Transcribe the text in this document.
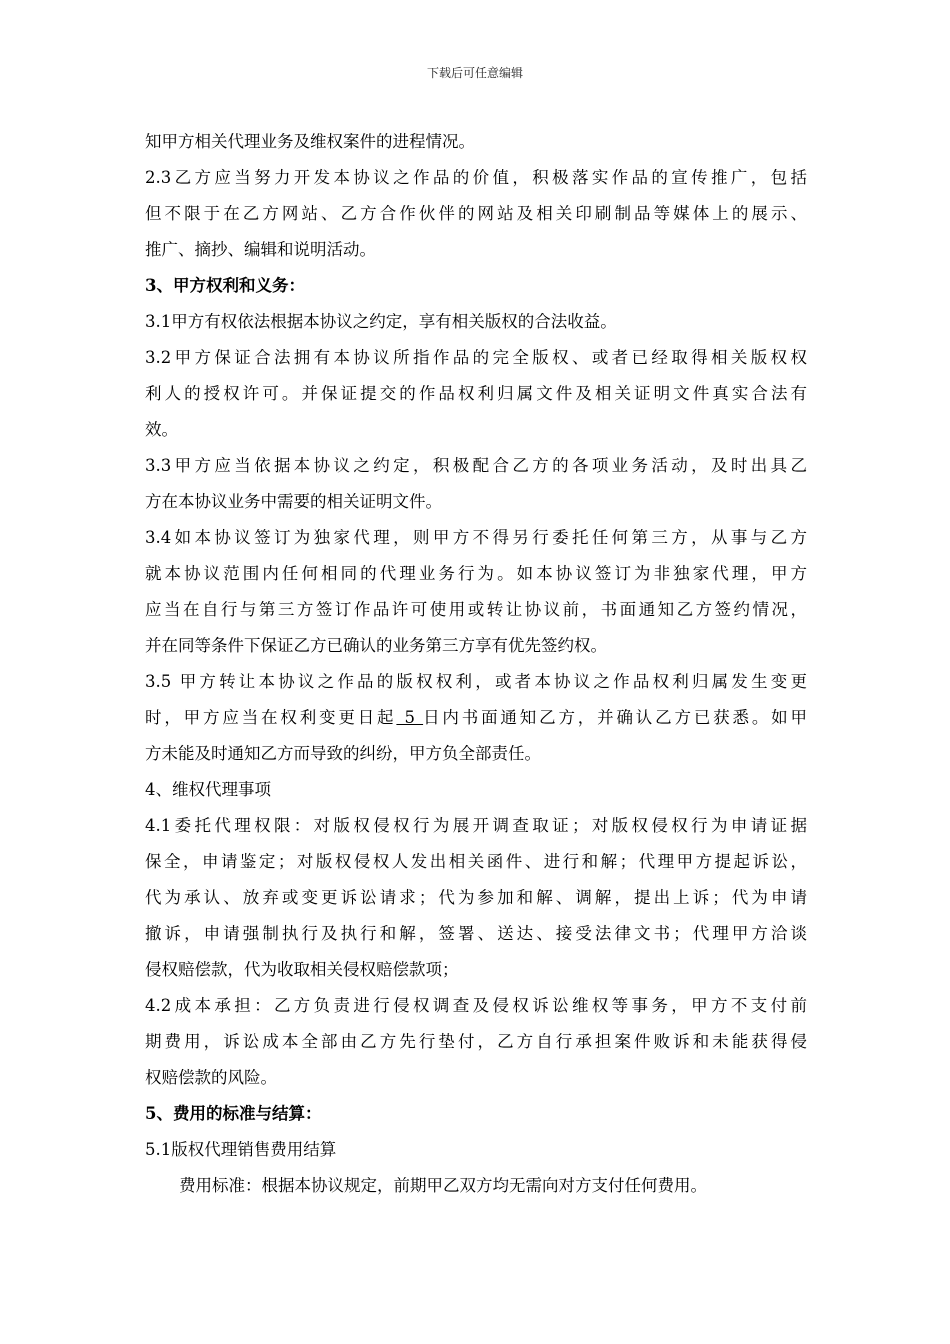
下载后可任意编辑
知甲方相关代理业务及维权案件的进程情况。
2.3乙方应当努力开发本协议之作品的价值，积极落实作品的宣传推广，包括
但不限于在乙方网站、乙方合作伙伴的网站及相关印刷制品等媒体上的展示、
推广、摘抄、编辑和说明活动。
3、甲方权利和义务：
3.1甲方有权依法根据本协议之约定，享有相关版权的合法收益。
3.2甲方保证合法拥有本协议所指作品的完全版权、或者已经取得相关版权权
利人的授权许可。并保证提交的作品权利归属文件及相关证明文件真实合法有
效。
3.3甲方应当依据本协议之约定，积极配合乙方的各项业务活动，及时出具乙
方在本协议业务中需要的相关证明文件。
3.4如本协议签订为独家代理，则甲方不得另行委托任何第三方，从事与乙方
就本协议范围内任何相同的代理业务行为。如本协议签订为非独家代理，甲方
应当在自行与第三方签订作品许可使用或转让协议前，书面通知乙方签约情况，
并在同等条件下保证乙方已确认的业务第三方享有优先签约权。
3.5 甲方转让本协议之作品的版权权利，或者本协议之作品权利归属发生变更
时，甲方应当在权利变更日起 5 日内书面通知乙方，并确认乙方已获悉。如甲
方未能及时通知乙方而导致的纠纷，甲方负全部责任。
4、维权代理事项
4.1委托代理权限：对版权侵权行为展开调查取证；对版权侵权行为申请证据
保全，申请鉴定；对版权侵权人发出相关函件、进行和解；代理甲方提起诉讼，
代为承认、放弃或变更诉讼请求；代为参加和解、调解，提出上诉；代为申请
撤诉，申请强制执行及执行和解，签署、送达、接受法律文书；代理甲方洽谈
侵权赔偿款，代为收取相关侵权赔偿款项；
4.2成本承担：乙方负责进行侵权调查及侵权诉讼维权等事务，甲方不支付前
期费用，诉讼成本全部由乙方先行垫付，乙方自行承担案件败诉和未能获得侵
权赔偿款的风险。
5、费用的标准与结算：
5.1版权代理销售费用结算
费用标准：根据本协议规定，前期甲乙双方均无需向对方支付任何费用。
